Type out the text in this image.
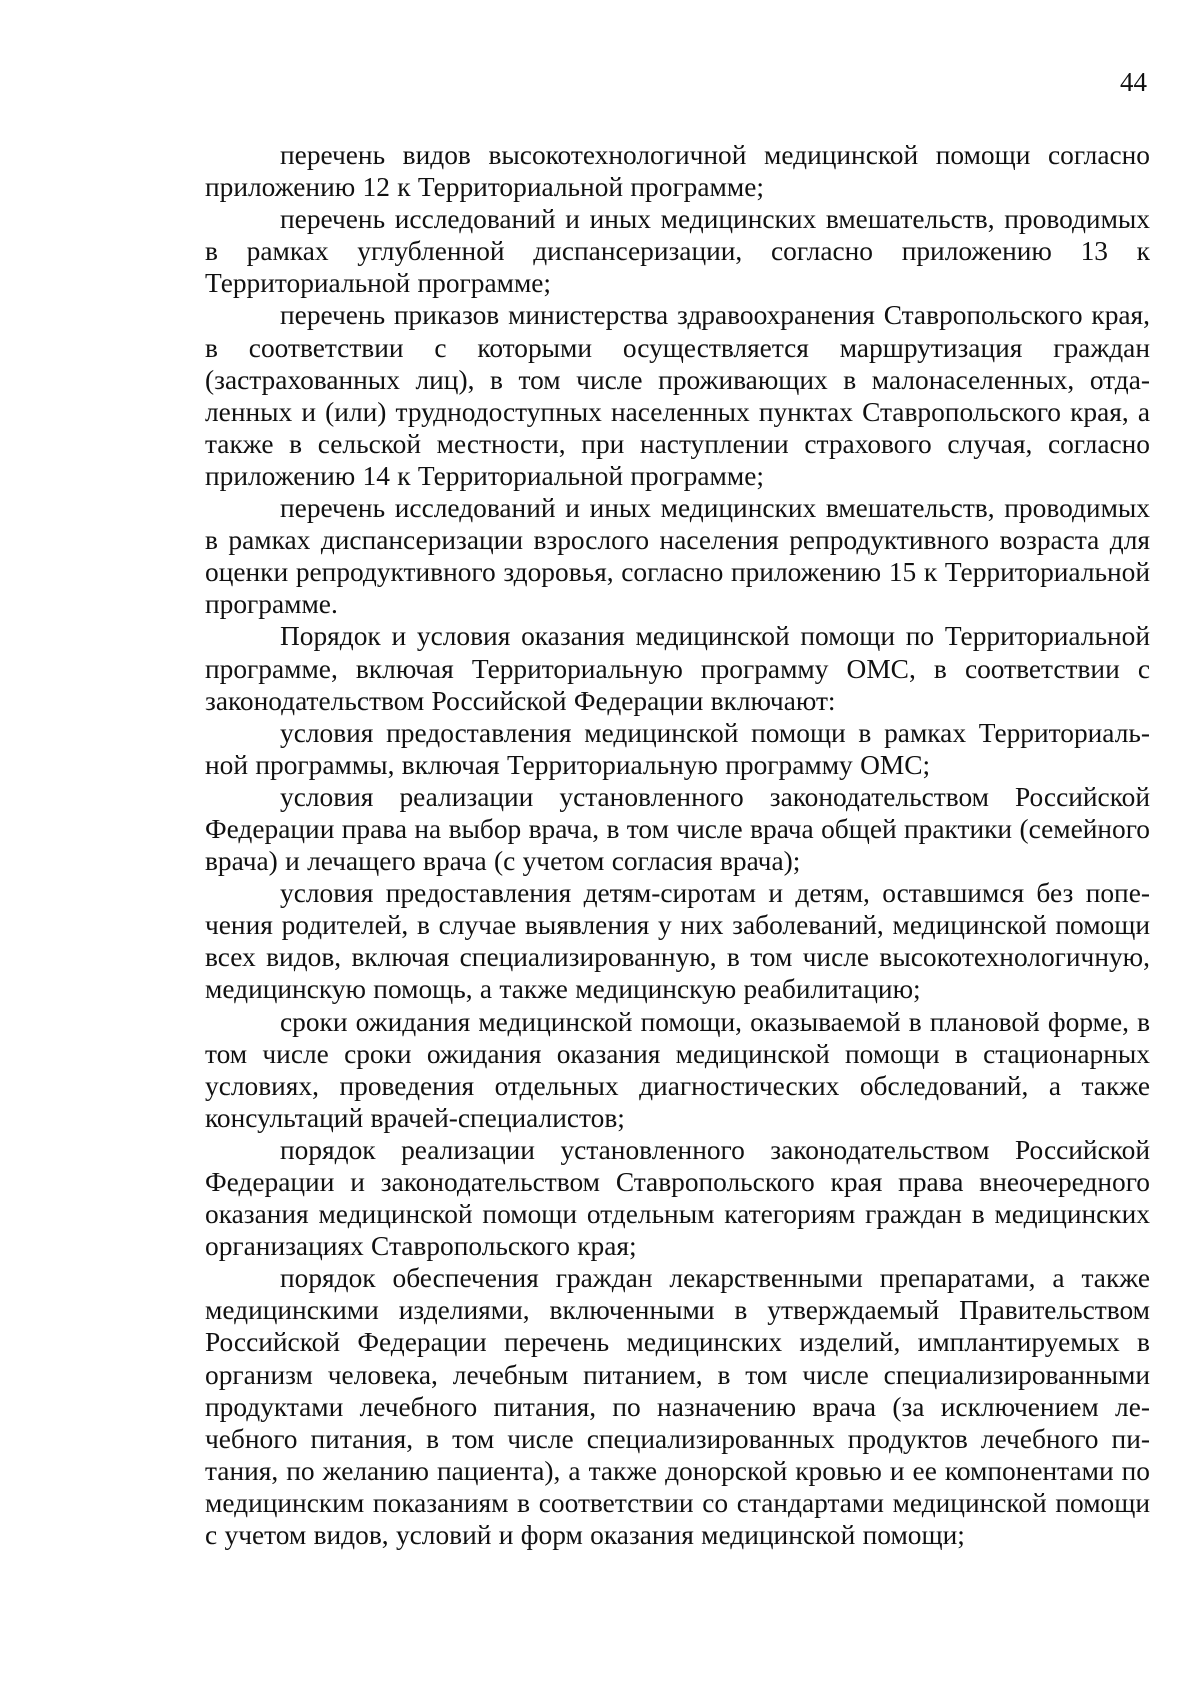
44

перечень видов высокотехнологичной медицинской помощи согласно приложению 12 к Территориальной программе;

перечень исследований и иных медицинских вмешательств, проводимых в рамках углубленной диспансеризации, согласно приложению 13 к Территориальной программе;

перечень приказов министерства здравоохранения Ставропольского края, в соответствии с которыми осуществляется маршрутизация граждан (застрахованных лиц), в том числе проживающих в малонаселенных, отдаленных и (или) труднодоступных населенных пунктах Ставропольского края, а также в сельской местности, при наступлении страхового случая, согласно приложению 14 к Территориальной программе;

перечень исследований и иных медицинских вмешательств, проводимых в рамках диспансеризации взрослого населения репродуктивного возраста для оценки репродуктивного здоровья, согласно приложению 15 к Территориальной программе.

Порядок и условия оказания медицинской помощи по Территориальной программе, включая Территориальную программу ОМС, в соответствии с законодательством Российской Федерации включают:

условия предоставления медицинской помощи в рамках Территориальной программы, включая Территориальную программу ОМС;

условия реализации установленного законодательством Российской Федерации права на выбор врача, в том числе врача общей практики (семейного врача) и лечащего врача (с учетом согласия врача);

условия предоставления детям-сиротам и детям, оставшимся без попечения родителей, в случае выявления у них заболеваний, медицинской помощи всех видов, включая специализированную, в том числе высокотехнологичную, медицинскую помощь, а также медицинскую реабилитацию;

сроки ожидания медицинской помощи, оказываемой в плановой форме, в том числе сроки ожидания оказания медицинской помощи в стационарных условиях, проведения отдельных диагностических обследований, а также консультаций врачей-специалистов;

порядок реализации установленного законодательством Российской Федерации и законодательством Ставропольского края права внеочередного оказания медицинской помощи отдельным категориям граждан в медицинских организациях Ставропольского края;

порядок обеспечения граждан лекарственными препаратами, а также медицинскими изделиями, включенными в утверждаемый Правительством Российской Федерации перечень медицинских изделий, имплантируемых в организм человека, лечебным питанием, в том числе специализированными продуктами лечебного питания, по назначению врача (за исключением лечебного питания, в том числе специализированных продуктов лечебного питания, по желанию пациента), а также донорской кровью и ее компонентами по медицинским показаниям в соответствии со стандартами медицинской помощи с учетом видов, условий и форм оказания медицинской помощи;
